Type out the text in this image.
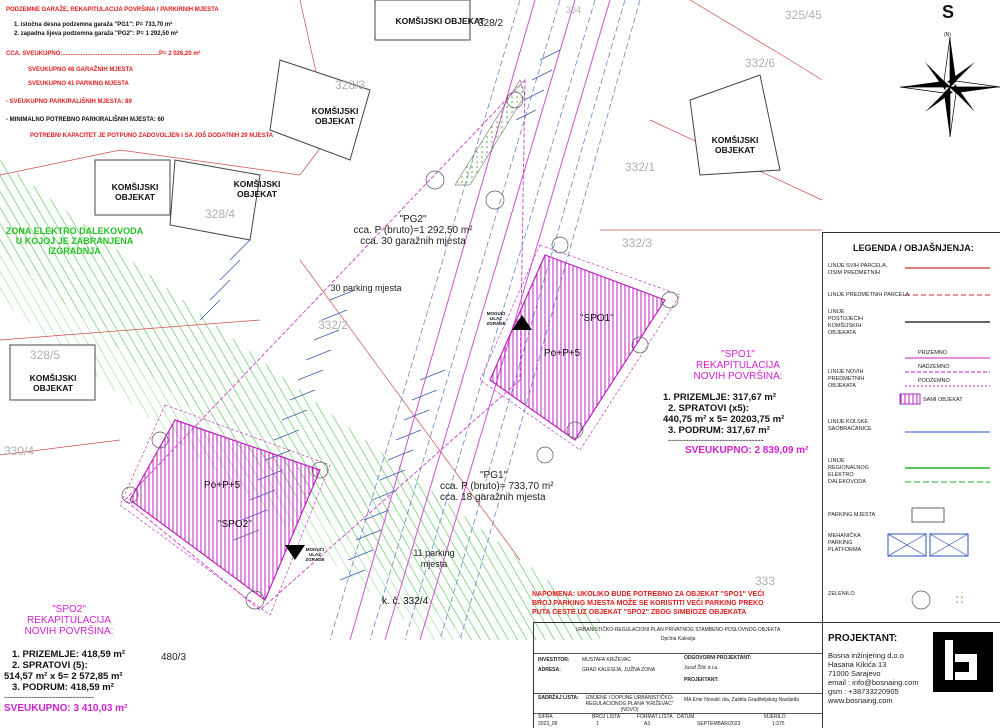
PODZEMNE GARAŽE, REKAPITULACIJA POVRŠINA I PARKIRNIH MJESTA
1. istočna desna podzemna garaža "PG1": P= 733,70 m²
2. zapadna lijeva podzemna garaža "PG2": P= 1 292,50 m²
CCA. SVEUKUPNO:..........................................................P= 2 026,20 m²
SVEUKUPNO 48 GARAŽNIH MJESTA
SVEUKUPNO 41 PARKING MJESTA
- SVEUKUPNO PARKIRALIŠNIH MJESTA: 89
- MINIMALNO POTREBNO PARKIRALIŠNIH MJESTA: 60
POTREBNI KAPACITET JE POTPUNO ZADOVOLJEN I SA JOŠ DODATNIH 29 MJESTA
KOMŠIJSKI OBJEKAT
KOMŠIJSKI OBJEKAT
KOMŠIJSKI OBJEKAT
KOMŠIJSKI OBJEKAT
KOMŠIJSKI OBJEKAT
KOMŠIJSKI OBJEKAT
ZONA ELEKTRO DALEKOVODA U KOJOJ JE ZABRANJENA IZGRADNJA
328/2
328/3
328/4
328/5
330/4
332/1
332/2
332/3
332/6
325/45
334
333
480/3
k. č. 332/4
"PG2"
cca. P (bruto)=1 292,50 m²
cca. 30 garažnih mjesta
30 parking mjesta
"PG1"
cca. P (bruto)= 733,70 m²
cca. 18 garažnih mjesta
11 parking mjesta
"SPO1"
Po+P+5
Po+P+5
"SPO2"
MOGUĆI ULAZ ZGRADE
MOGUĆI ULAZ ZGRADE
"SPO1"
REKAPITULACIJA NOVIH POVRŠINA:
1. PRIZEMLJE: 317,67 m²
2. SPRATOVI (x5):
440,75 m² x 5= 20203,75 m²
3. PODRUM: 317,67 m²
--------------------------------
SVEUKUPNO: 2 839,09 m²
"SPO2"
REKAPITULACIJA NOVIH POVRŠINA:
1. PRIZEMLJE: 418,59 m²
2. SPRATOVI (5):
514,57 m² x 5= 2 572,85 m²
3. PODRUM: 418,59 m²
------------------------------
SVEUKUPNO: 3 410,03 m²
NAPOMENA: UKOLIKO BUDE POTREBNO ZA OBJEKAT "SPO1" VEĆI BROJ PARKING MJESTA MOŽE SE KORISTITI VEĆI PARKING PREKO PUTA CESTE UZ OBJEKAT "SPO2" ZBOG SIMBIOZE OBJEKATA
S
(N)
LEGENDA / OBJAŠNJENJA:
LINIJE SVIH PARCELA, OSIM PREDMETNIH
LINIJE PREDMETNIH PARCELA
LINIJE POSTOJEĆIH KOMŠIJSKIH OBJEKATA
LINIJE NOVIH PREDMETNIH OBJEKATA
PRIZEMNO
NADZEMNO
PODZEMNO
SAMI OBJEKAT
LINIJE KOLSKE SAOBRAĆANICE
LINIJE REGIONALNOG ELEKTRO DALEKOVODA
PARKING MJESTA
MEHANIČKA PARKING PLATFORMA
ZELENILO
URBANISTIČKO-REGULACIONI PLAN PRIVATNOG STAMBENO-POSLOVNOG OBJEKTA
Općina Kalesija
INVESTITOR: MUSTAFA KRIŽEVAC
ADRESA:	GRAD KALESIJA, JUŽNA ZONA
ODGOVORNI PROJEKTANT:
Jusuf Žilić d.i.a.
PROJEKTANT:
SADRŽAJ LISTA:	IZMJENE I DOPUNE URBANISTIČKO-REGULACIONOG PLANA "KRIŽEVAC" (NOVO)
MA Emir Novalić dia, Zaštita Graditeljskog Naslijeđa
ŠIFRA
2023_09
BROJ LISTA
1
FORMAT LISTA
A3
DATUM
SEPTEMBAR/2023
MJERILO
1:375
PROJEKTANT:
Bosna inžinjering d.o.o
Hasana Kikića 13
71000 Sarajevo
email : info@bosnaing.com
gsm : +38733220905
www.bosnaing.com
